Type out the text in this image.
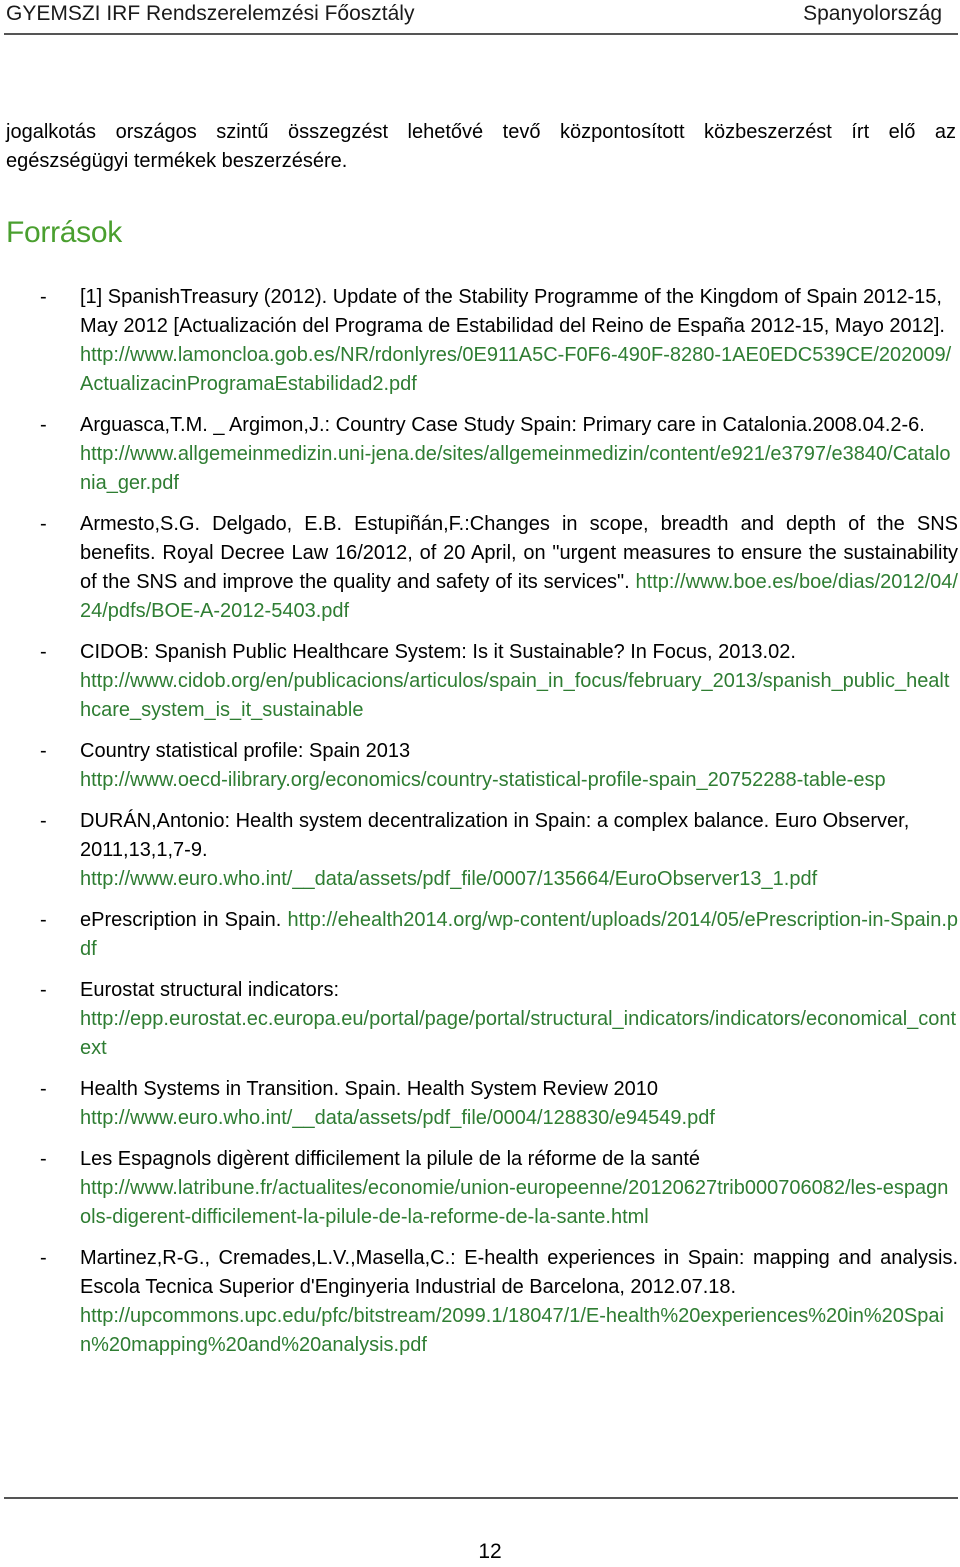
GYEMSZI IRF Rendszerelemzési Főosztály	Spanyolország

jogalkotás országos szintű összegzést lehetővé tevő központosított közbeszerzést írt elő az

egészségügyi termékek beszerzésére.

Források
- [1] SpanishTreasury (2012). Update of the Stability Programme of the Kingdom of Spain 2012-15, May 2012 [Actualización del Programa de Estabilidad del Reino de España 2012-15, Mayo 2012].
http://www.lamoncloa.gob.es/NR/rdonlyres/0E911A5C-F0F6-490F-8280-1AE0EDC539CE/202009/ActualizacinProgramaEstabilidad2.pdf
- Arguasca,T.M. _ Argimon,J.: Country Case Study Spain: Primary care in Catalonia.2008.04.2-6.
http://www.allgemeinmedizin.uni-jena.de/sites/allgemeinmedizin/content/e921/e3797/e3840/Catalonia_ger.pdf
- Armesto,S.G. Delgado, E.B. Estupiñán,F.:Changes in scope, breadth and depth of the SNS benefits. Royal Decree Law 16/2012, of 20 April, on "urgent measures to ensure the sustainability of the SNS and improve the quality and safety of its services". http://www.boe.es/boe/dias/2012/04/24/pdfs/BOE-A-2012-5403.pdf
- CIDOB: Spanish Public Healthcare System: Is it Sustainable? In Focus, 2013.02.
http://www.cidob.org/en/publicacions/articulos/spain_in_focus/february_2013/spanish_public_healthcare_system_is_it_sustainable
- Country statistical profile: Spain 2013
http://www.oecd-ilibrary.org/economics/country-statistical-profile-spain_20752288-table-esp
- DURÁN,Antonio: Health system decentralization in Spain: a complex balance. Euro Observer, 2011,13,1,7-9.
http://www.euro.who.int/__data/assets/pdf_file/0007/135664/EuroObserver13_1.pdf
- ePrescription in Spain. http://ehealth2014.org/wp-content/uploads/2014/05/ePrescription-in-Spain.pdf
- Eurostat structural indicators:
http://epp.eurostat.ec.europa.eu/portal/page/portal/structural_indicators/indicators/economical_context
- Health Systems in Transition. Spain. Health System Review 2010
http://www.euro.who.int/__data/assets/pdf_file/0004/128830/e94549.pdf
- Les Espagnols digèrent difficilement la pilule de la réforme de la santé
http://www.latribune.fr/actualites/economie/union-europeenne/20120627trib000706082/les-espagnols-digerent-difficilement-la-pilule-de-la-reforme-de-la-sante.html
- Martinez,R-G., Cremades,L.V.,Masella,C.: E-health experiences in Spain: mapping and analysis. Escola Tecnica Superior d'Enginyeria Industrial de Barcelona, 2012.07.18.
http://upcommons.upc.edu/pfc/bitstream/2099.1/18047/1/E-health%20experiences%20in%20Spain%20mapping%20and%20analysis.pdf
12
